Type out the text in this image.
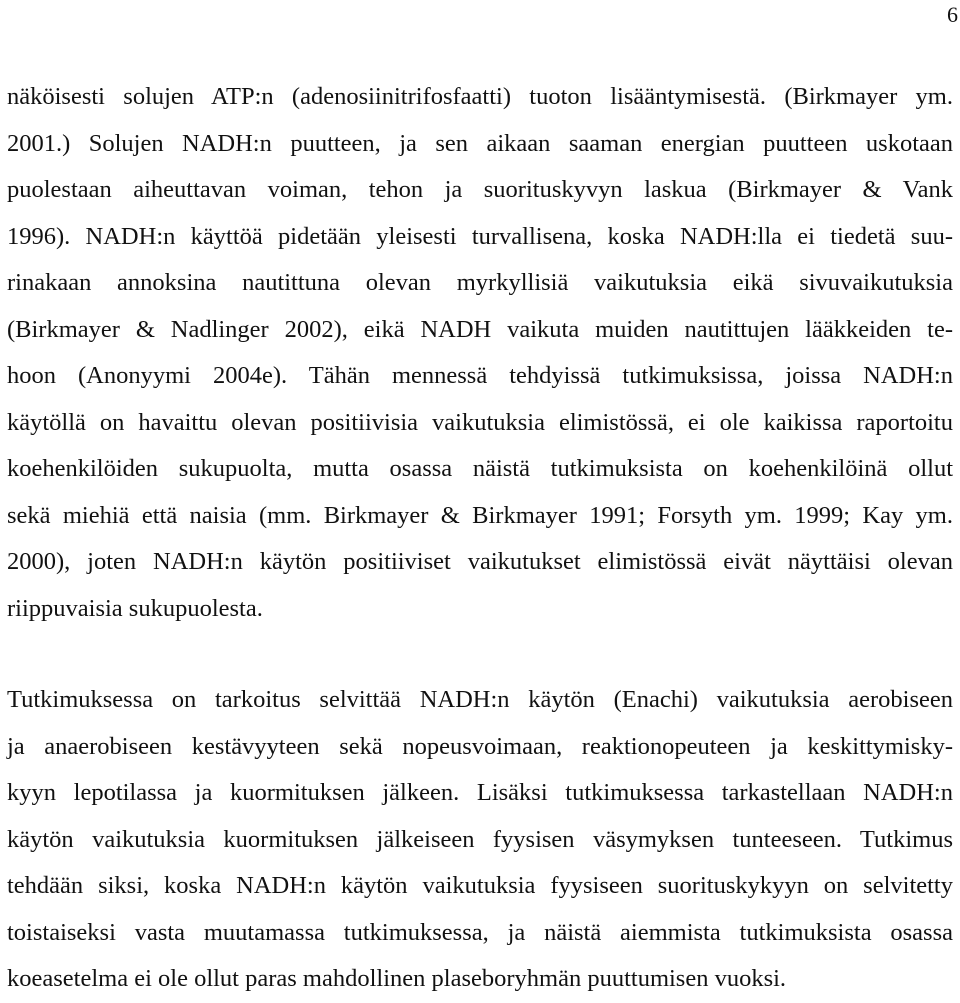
6
näköisesti solujen ATP:n (adenosiinitrifosfaatti) tuoton lisääntymisestä. (Birkmayer ym.
2001.) Solujen NADH:n puutteen, ja sen aikaan saaman energian puutteen uskotaan
puolestaan aiheuttavan voiman, tehon ja suorituskyvyn laskua (Birkmayer & Vank
1996). NADH:n käyttöä pidetään yleisesti turvallisena, koska NADH:lla ei tiedetä suu-
rinakaan annoksina nautittuna olevan myrkyllisiä vaikutuksia eikä sivuvaikutuksia
(Birkmayer & Nadlinger 2002), eikä NADH vaikuta muiden nautittujen lääkkeiden te-
hoon (Anonyymi 2004e). Tähän mennessä tehdyissä tutkimuksissa, joissa NADH:n
käytöllä on havaittu olevan positiivisia vaikutuksia elimistössä, ei ole kaikissa raportoitu
koehenkilöiden sukupuolta, mutta osassa näistä tutkimuksista on koehenkilöinä ollut
sekä miehiä että naisia (mm. Birkmayer & Birkmayer 1991; Forsyth ym. 1999; Kay ym.
2000), joten NADH:n käytön positiiviset vaikutukset elimistössä eivät näyttäisi olevan
riippuvaisia sukupuolesta.
Tutkimuksessa on tarkoitus selvittää NADH:n käytön (Enachi) vaikutuksia aerobiseen
ja anaerobiseen kestävyyteen sekä nopeusvoimaan, reaktionopeuteen ja keskittymisky-
kyyn lepotilassa ja kuormituksen jälkeen. Lisäksi tutkimuksessa tarkastellaan NADH:n
käytön vaikutuksia kuormituksen jälkeiseen fyysisen väsymyksen tunteeseen. Tutkimus
tehdään siksi, koska NADH:n käytön vaikutuksia fyysiseen suorituskykyyn on selvitetty
toistaiseksi vasta muutamassa tutkimuksessa, ja näistä aiemmista tutkimuksista osassa
koeasetelma ei ole ollut paras mahdollinen plaseboryhmän puuttumisen vuoksi.
